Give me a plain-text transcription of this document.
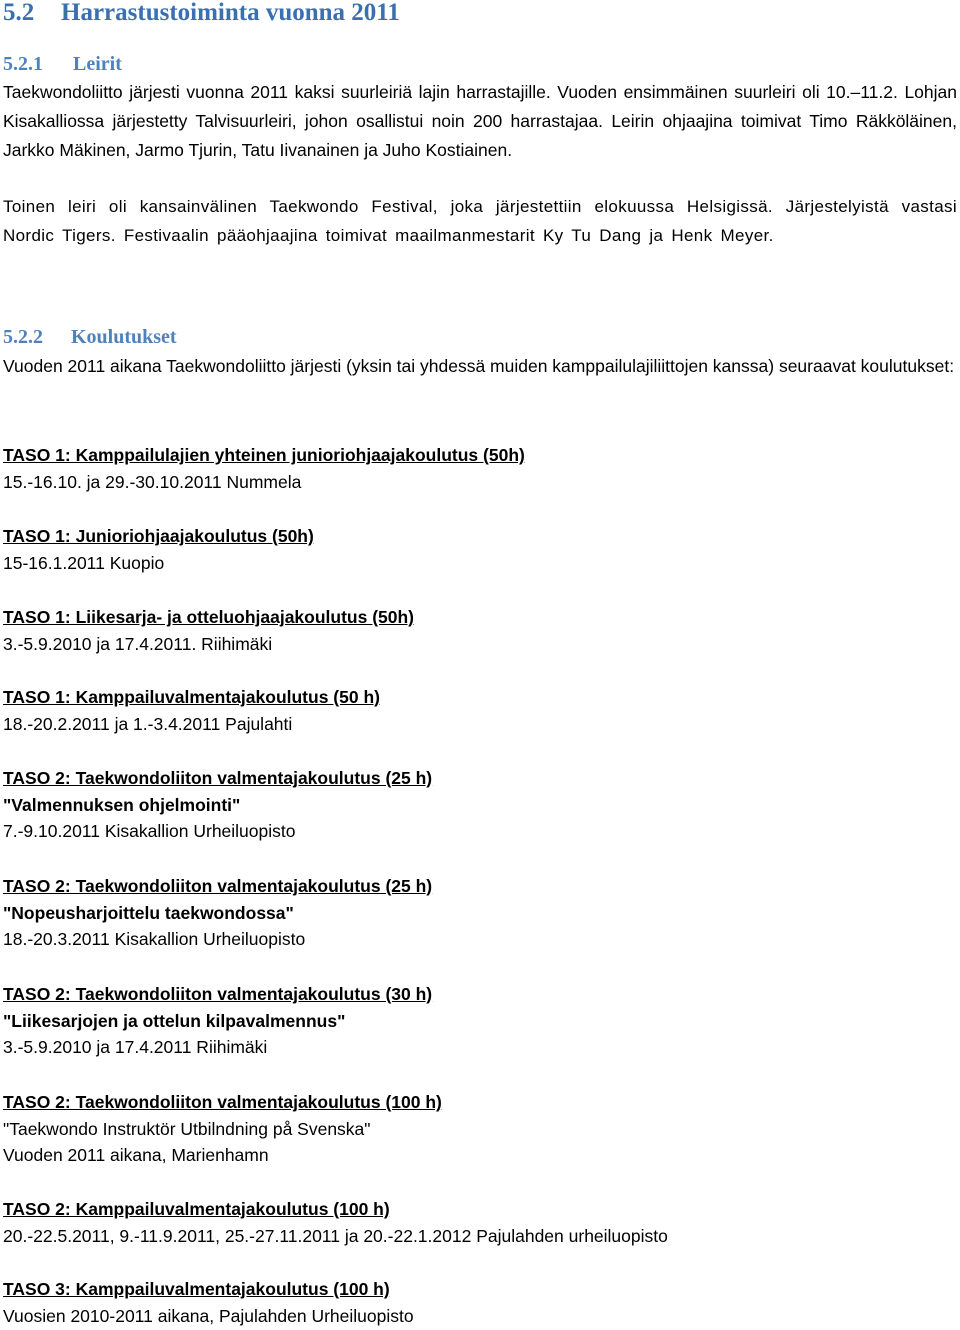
5.2 Harrastustoiminta vuonna 2011
5.2.1 Leirit

Taekwondoliitto järjesti vuonna 2011 kaksi suurleiriä lajin harrastajille. Vuoden ensimmäinen suurleiri oli 10.–11.2. Lohjan Kisakalliossa järjestetty Talvisuurleiri, johon osallistui noin 200 harrastajaa. Leirin ohjaajina toimivat Timo Räkköläinen, Jarkko Mäkinen, Jarmo Tjurin, Tatu Iivanainen ja Juho Kostiainen.

Toinen leiri oli kansainvälinen Taekwondo Festival, joka järjestettiin elokuussa Helsigissä. Järjestelyistä vastasi Nordic Tigers. Festivaalin pääohjaajina toimivat maailmanmestarit Ky Tu Dang ja Henk Meyer.

5.2.2 Koulutukset

Vuoden 2011 aikana Taekwondoliitto järjesti (yksin tai yhdessä muiden kamppailulajiliittojen kanssa) seuraavat koulutukset:

TASO 1: Kamppailulajien yhteinen junioriohjaajakoulutus (50h)
15.-16.10. ja 29.-30.10.2011 Nummela
TASO 1: Junioriohjaajakoulutus (50h)
15-16.1.2011 Kuopio
TASO 1: Liikesarja- ja otteluohjaajakoulutus (50h)
3.-5.9.2010 ja 17.4.2011. Riihimäki
TASO 1: Kamppailuvalmentajakoulutus (50 h)
18.-20.2.2011 ja 1.-3.4.2011 Pajulahti
TASO 2: Taekwondoliiton valmentajakoulutus (25 h)
"Valmennuksen ohjelmointi"
7.-9.10.2011 Kisakallion Urheiluopisto
TASO 2: Taekwondoliiton valmentajakoulutus (25 h)
"Nopeusharjoittelu taekwondossa"
18.-20.3.2011 Kisakallion Urheiluopisto
TASO 2: Taekwondoliiton valmentajakoulutus (30 h)
"Liikesarjojen ja ottelun kilpavalmennus"
3.-5.9.2010 ja 17.4.2011 Riihimäki
TASO 2: Taekwondoliiton valmentajakoulutus (100 h)
"Taekwondo Instruktör Utbilndning på Svenska"
Vuoden 2011 aikana, Marienhamn
TASO 2: Kamppailuvalmentajakoulutus (100 h)
20.-22.5.2011, 9.-11.9.2011, 25.-27.11.2011 ja 20.-22.1.2012 Pajulahden urheiluopisto
TASO 3: Kamppailuvalmentajakoulutus (100 h)
Vuosien 2010-2011 aikana, Pajulahden Urheiluopisto
